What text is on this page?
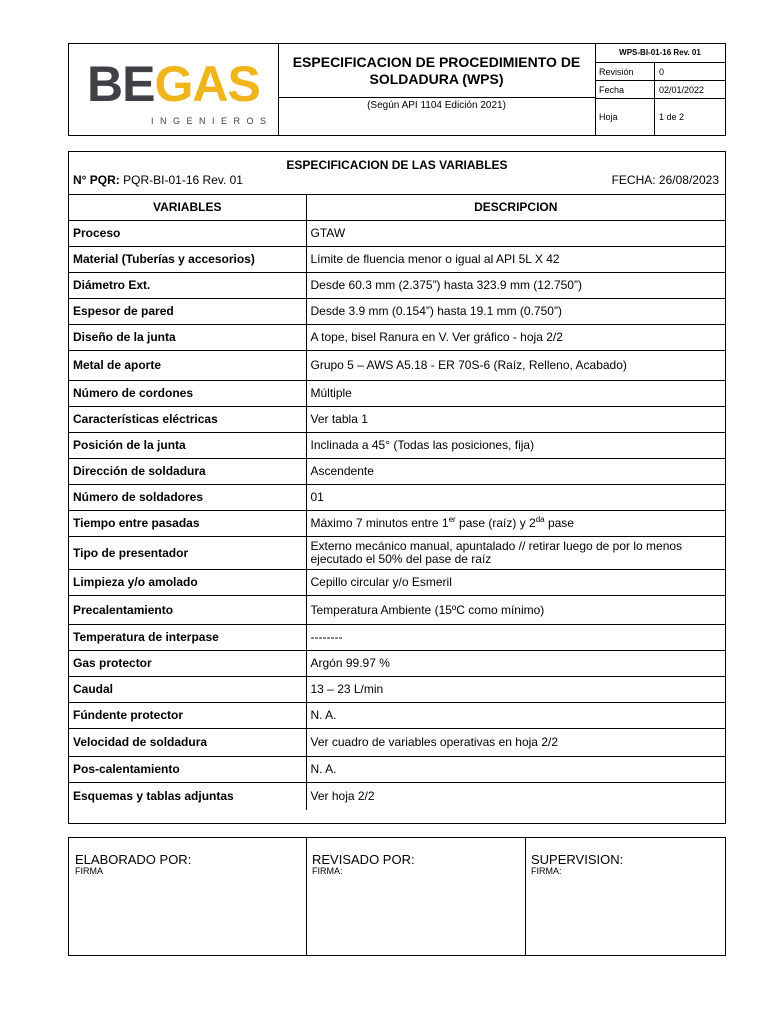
BEGAS
INGENIEROS
ESPECIFICACION DE PROCEDIMIENTO DE SOLDADURA (WPS)
(Según API 1104 Edición 2021)
WPS-BI-01-16 Rev. 01
Revisión	0
Fecha	02/01/2022
Hoja	1 de 2
ESPECIFICACION DE LAS VARIABLES
N° PQR: PQR-BI-01-16 Rev. 01	FECHA: 26/08/2023
VARIABLES	DESCRIPCION
Proceso	GTAW
Material (Tuberías y accesorios)	Límite de fluencia menor o igual al API 5L X 42
Diámetro Ext.	Desde 60.3 mm (2.375”) hasta 323.9 mm (12.750”)
Espesor de pared	Desde 3.9 mm (0.154”) hasta 19.1 mm (0.750”)
Diseño de la junta	A tope, bisel Ranura en V. Ver gráfico - hoja 2/2
Metal de aporte	Grupo 5 – AWS A5.18 - ER 70S-6 (Raíz, Relleno, Acabado)
Número de cordones	Múltiple
Características eléctricas	Ver tabla 1
Posición de la junta	Inclinada a 45° (Todas las posiciones, fija)
Dirección de soldadura	Ascendente
Número de soldadores	01
Tiempo entre pasadas	Máximo 7 minutos entre 1er pase (raíz) y $2^{da}$ pase
Tipo de presentador	Externo mecánico manual, apuntalado // retirar luego de por lo menos ejecutado el 50% del pase de raíz
Limpieza y/o amolado	Cepillo circular y/o Esmeril
Precalentamiento	Temperatura Ambiente (15ºC como mínimo)
Temperatura de interpase	--------
Gas protector	Argón 99.97 %
Caudal	13 – 23 L/min
Fúndente protector	N. A.
Velocidad de soldadura	Ver cuadro de variables operativas en hoja 2/2
Pos-calentamiento	N. A.
Esquemas y tablas adjuntas	Ver hoja 2/2
ELABORADO POR:
FIRMA
REVISADO POR:
FIRMA:
SUPERVISION:
FIRMA:
